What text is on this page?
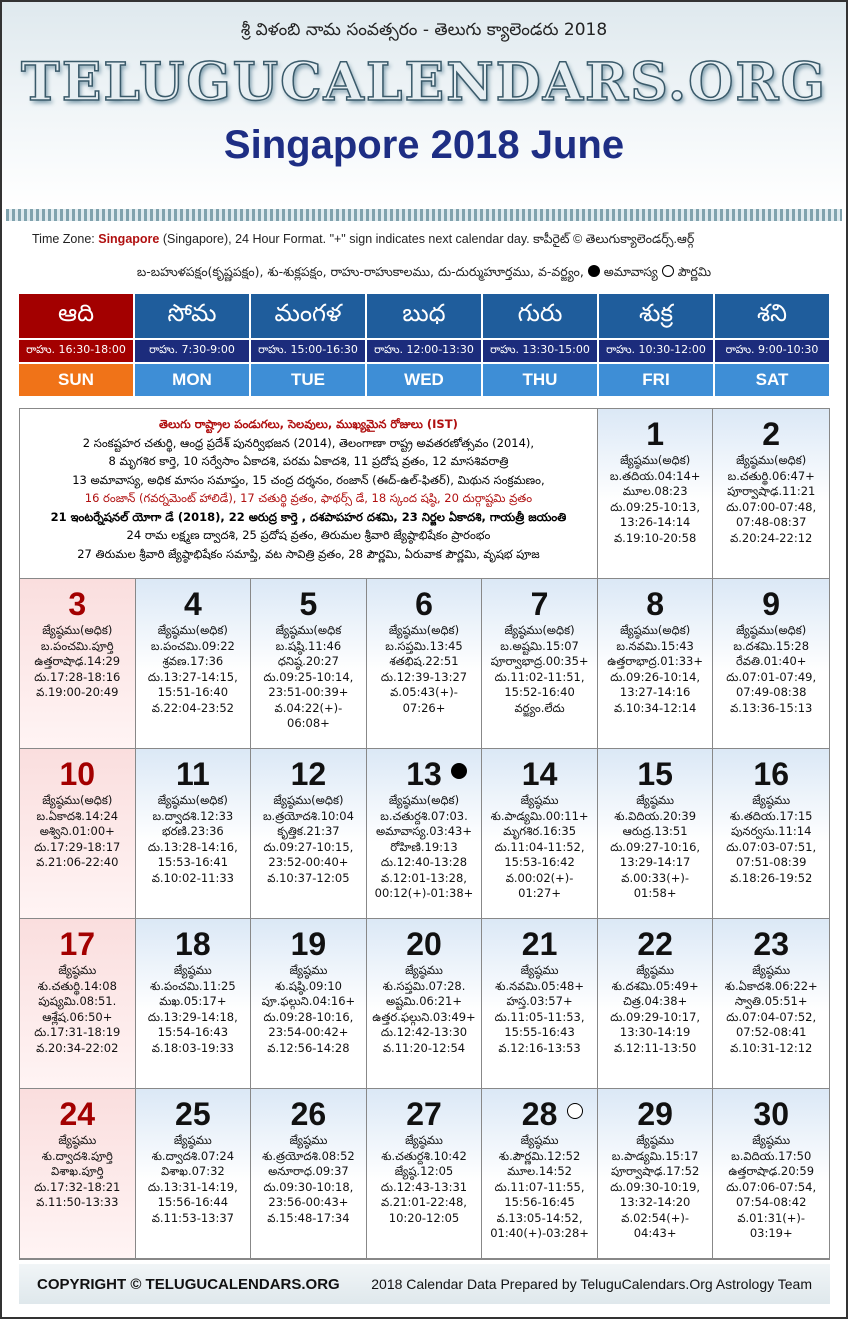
శ్రీ విళంబి నామ సంవత్సరం - తెలుగు క్యాలెండరు 2018
TELUGUCALENDARS.ORG
Singapore 2018 June
Time Zone: Singapore (Singapore), 24 Hour Format. "+" sign indicates next calendar day. కాపీరైట్ © తెలుగుక్యాలెండర్స్.ఆర్గ్
బ-బహుళపక్షం(కృష్ణపక్షం), శు-శుక్లపక్షం, రాహు-రాహుకాలము, దు-దుర్ముహూర్తము, వ-వర్జ్యం, అమావాస్య పౌర్ణమి
ఆది
రాహు. 16:30-18:00
SUN
సోమ
రాహు. 7:30-9:00
MON
మంగళ
రాహు. 15:00-16:30
TUE
బుధ
రాహు. 12:00-13:30
WED
గురు
రాహు. 13:30-15:00
THU
శుక్ర
రాహు. 10:30-12:00
FRI
శని
రాహు. 9:00-10:30
SAT
తెలుగు రాష్ట్రాల పండుగలు, సెలవులు, ముఖ్యమైన రోజులు (IST)
2 సంకష్టహర చతుర్థి, ఆంధ్ర ప్రదేశ్ పునర్విభజన (2014), తెలంగాణా రాష్ట్ర అవతరణోత్సవం (2014),
8 మృగశిర కార్తె, 10 సర్వేసాం ఏకాదశి, పరమ ఏకాదశి, 11 ప్రదోష వ్రతం, 12 మాసశివరాత్రి
13 అమావాస్య, అధిక మాసం సమాప్తం, 15 చంద్ర దర్శనం, రంజాన్ (ఈద్-ఉల్-ఫితర్), మిథున సంక్రమణం,
16 రంజాన్ (గవర్నమెంట్ హాలిడే), 17 చతుర్థి వ్రతం, ఫాథర్స్ డే, 18 స్కంద షష్ఠి, 20 దుర్గాష్టమి వ్రతం
21 ఇంటర్నేషనల్ యోగా డే (2018), 22 అరుద్ర కార్తె , దశపాపహర దశమి, 23 నిర్జల ఏకాదశి, గాయత్రీ జయంతి
24 రామ లక్ష్మణ ద్వాదశి, 25 ప్రదోష వ్రతం, తిరుమల శ్రీవారి జ్యేష్ఠాభిషేకం ప్రారంభం
27 తిరుమల శ్రీవారి జ్యేష్ఠాభిషేకం సమాప్తి, వట సావిత్రి వ్రతం, 28 పౌర్ణమి, ఏరువాక పౌర్ణమి, వృషభ పూజ
1
జ్యేష్ఠము(అధిక)
బ.తదియ.04:14+
మూల.08:23
దు.09:25-10:13,
13:26-14:14
వ.19:10-20:58
2
జ్యేష్ఠము(అధిక)
బ.చతుర్థి.06:47+
పూర్వాషాఢ.11:21
దు.07:00-07:48,
07:48-08:37
వ.20:24-22:12
3
జ్యేష్ఠము(అధిక)
బ.పంచమి.పూర్తి
ఉత్తరాషాఢ.14:29
దు.17:28-18:16
వ.19:00-20:49
4
జ్యేష్ఠము(అధిక)
బ.పంచమి.09:22
శ్రవణ.17:36
దు.13:27-14:15,
15:51-16:40
వ.22:04-23:52
5
జ్యేష్ఠము(అధిక
బ.షష్ఠి.11:46
ధనిష్ఠ.20:27
దు.09:25-10:14,
23:51-00:39+
వ.04:22(+)-
06:08+
6
జ్యేష్ఠము(అధిక)
బ.సప్తమి.13:45
శతభిష.22:51
దు.12:39-13:27
వ.05:43(+)-
07:26+
7
జ్యేష్ఠము(అధిక)
బ.అష్టమి.15:07
పూర్వాభాద్ర.00:35+
దు.11:02-11:51,
15:52-16:40
వర్జ్యం.లేదు
8
జ్యేష్ఠము(అధిక)
బ.నవమి.15:43
ఉత్తరాభాద్ర.01:33+
దు.09:26-10:14,
13:27-14:16
వ.10:34-12:14
9
జ్యేష్ఠము(అధిక)
బ.దశమి.15:28
రేవతి.01:40+
దు.07:01-07:49,
07:49-08:38
వ.13:36-15:13
10
జ్యేష్ఠము(అధిక)
బ.ఏకాదశి.14:24
అశ్విని.01:00+
దు.17:29-18:17
వ.21:06-22:40
11
జ్యేష్ఠము(అధిక)
బ.ద్వాదశి.12:33
భరణి.23:36
దు.13:28-14:16,
15:53-16:41
వ.10:02-11:33
12
జ్యేష్ఠము(అధిక)
బ.త్రయోదశి.10:04
కృత్తిక.21:37
దు.09:27-10:15,
23:52-00:40+
వ.10:37-12:05
13
జ్యేష్ఠము(అధిక)
బ.చతుర్దశి.07:03.
అమావాస్య.03:43+
రోహిణి.19:13
దు.12:40-13:28
వ.12:01-13:28,
00:12(+)-01:38+
14
జ్యేష్ఠము
శు.పాడ్యమి.00:11+
మృగశిర.16:35
దు.11:04-11:52,
15:53-16:42
వ.00:02(+)-
01:27+
15
జ్యేష్ఠము
శు.విదియ.20:39
ఆరుద్ర.13:51
దు.09:27-10:16,
13:29-14:17
వ.00:33(+)-
01:58+
16
జ్యేష్ఠము
శు.తదియ.17:15
పునర్వసు.11:14
దు.07:03-07:51,
07:51-08:39
వ.18:26-19:52
17
జ్యేష్ఠము
శు.చతుర్థి.14:08
పుష్యమి.08:51.
ఆశ్లేష.06:50+
దు.17:31-18:19
వ.20:34-22:02
18
జ్యేష్ఠము
శు.పంచమి.11:25
మఖ.05:17+
దు.13:29-14:18,
15:54-16:43
వ.18:03-19:33
19
జ్యేష్ఠము
శు.షష్ఠి.09:10
పూ.ఫల్గుని.04:16+
దు.09:28-10:16,
23:54-00:42+
వ.12:56-14:28
20
జ్యేష్ఠము
శు.సప్తమి.07:28.
అష్టమి.06:21+
ఉత్తర.ఫల్గుని.03:49+
దు.12:42-13:30
వ.11:20-12:54
21
జ్యేష్ఠము
శు.నవమి.05:48+
హస్త.03:57+
దు.11:05-11:53,
15:55-16:43
వ.12:16-13:53
22
జ్యేష్ఠము
శు.దశమి.05:49+
చిత్ర.04:38+
దు.09:29-10:17,
13:30-14:19
వ.12:11-13:50
23
జ్యేష్ఠము
శు.ఏకాదశి.06:22+
స్వాతి.05:51+
దు.07:04-07:52,
07:52-08:41
వ.10:31-12:12
24
జ్యేష్ఠము
శు.ద్వాదశి.పూర్తి
విశాఖ.పూర్తి
దు.17:32-18:21
వ.11:50-13:33
25
జ్యేష్ఠము
శు.ద్వాదశి.07:24
విశాఖ.07:32
దు.13:31-14:19,
15:56-16:44
వ.11:53-13:37
26
జ్యేష్ఠము
శు.త్రయోదశి.08:52
అనూరాధ.09:37
దు.09:30-10:18,
23:56-00:43+
వ.15:48-17:34
27
జ్యేష్ఠము
శు.చతుర్దశి.10:42
జ్యేష్ఠ.12:05
దు.12:43-13:31
వ.21:01-22:48,
10:20-12:05
28
జ్యేష్ఠము
శు.పౌర్ణమి.12:52
మూల.14:52
దు.11:07-11:55,
15:56-16:45
వ.13:05-14:52,
01:40(+)-03:28+
29
జ్యేష్ఠము
బ.పాడ్యమి.15:17
పూర్వాషాఢ.17:52
దు.09:30-10:19,
13:32-14:20
వ.02:54(+)-
04:43+
30
జ్యేష్ఠము
బ.విదియ.17:50
ఉత్తరాషాఢ.20:59
దు.07:06-07:54,
07:54-08:42
వ.01:31(+)-
03:19+
COPYRIGHT © TELUGUCALENDARS.ORG 2018 Calendar Data Prepared by TeluguCalendars.Org Astrology Team
